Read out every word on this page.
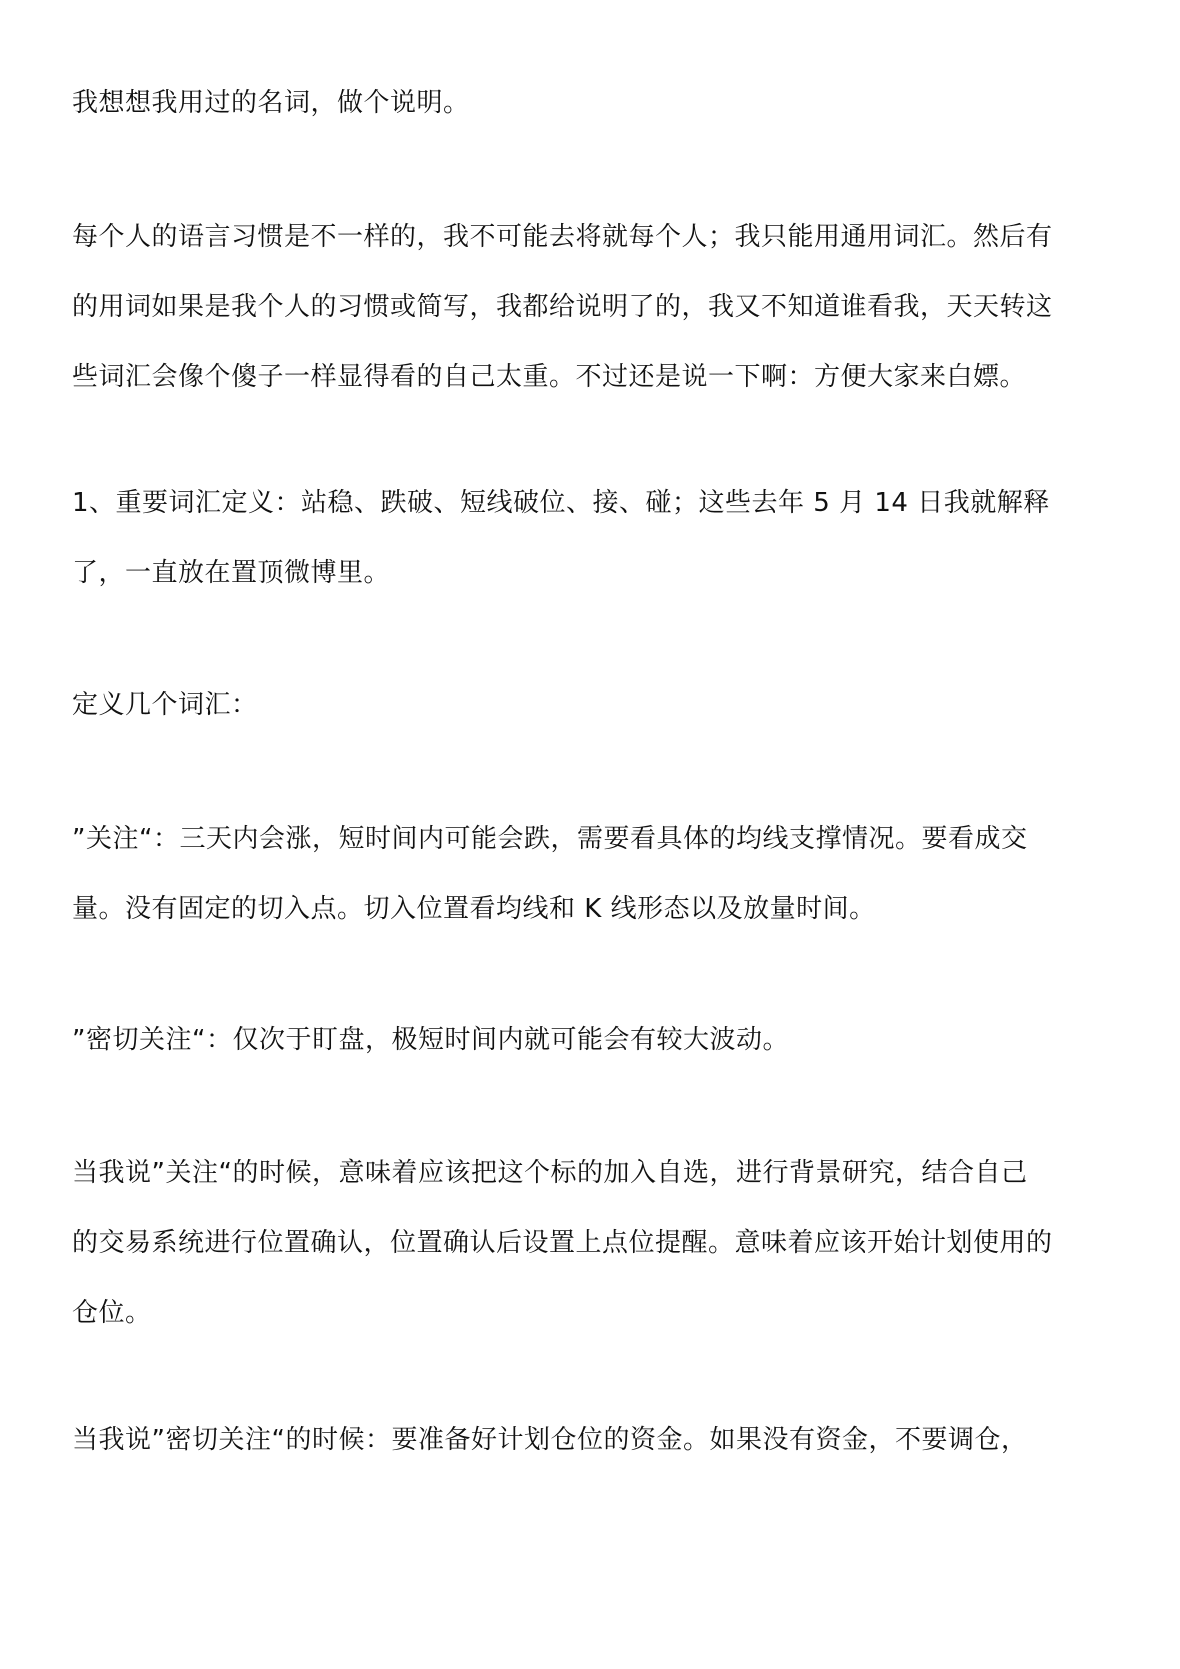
我想想我用过的名词，做个说明。

每个人的语言习惯是不一样的，我不可能去将就每个人；我只能用通用词汇。然后有
的用词如果是我个人的习惯或简写，我都给说明了的，我又不知道谁看我，天天转这
些词汇会像个傻子一样显得看的自己太重。不过还是说一下啊：方便大家来白嫖。

1、重要词汇定义：站稳、跌破、短线破位、接、碰；这些去年 5 月 14 日我就解释
了，一直放在置顶微博里。

定义几个词汇：

”关注“：三天内会涨，短时间内可能会跌，需要看具体的均线支撑情况。要看成交
量。没有固定的切入点。切入位置看均线和 K 线形态以及放量时间。

”密切关注“：仅次于盯盘，极短时间内就可能会有较大波动。

当我说”关注“的时候，意味着应该把这个标的加入自选，进行背景研究，结合自己
的交易系统进行位置确认，位置确认后设置上点位提醒。意味着应该开始计划使用的
仓位。

当我说”密切关注“的时候：要准备好计划仓位的资金。如果没有资金，不要调仓，
